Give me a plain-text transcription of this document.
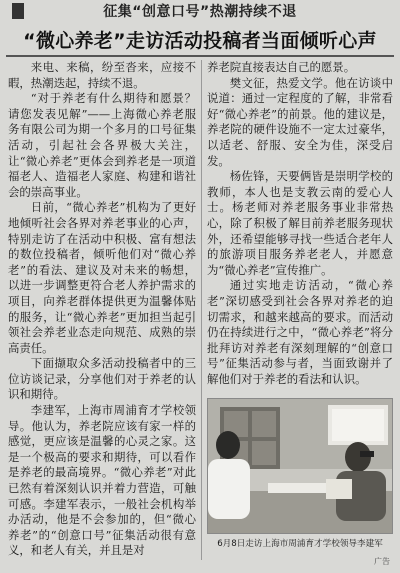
征集“创意口号”热潮持续不退
“微心养老”走访活动投稿者当面倾听心声

来电、来稿，纷至沓来，应接不暇，热潮迭起，持续不退。

“对于养老有什么期待和愿景？请您发表见解”——上海微心养老服务有限公司为期一个多月的口号征集活动，引起社会各界极大关注，让“微心养老”更体会到养老是一项道福老人、造福老人家庭、构建和谐社会的崇高事业。

日前，“微心养老”机构为了更好地倾听社会各界对养老事业的心声，特别走访了在活动中积极、富有想法的数位投稿者，倾听他们对“微心养老”的看法、建议及对未来的畅想，以进一步调整更符合老人养护需求的项目，向养老群体提供更为温馨体贴的服务，让“微心养老”更加担当起引领社会养老业态走向规范、成熟的崇高责任。

下面撷取众多活动投稿者中的三位访谈记录，分享他们对于养老的认识和期待。

李建军，上海市周浦育才学校领导。他认为，养老院应该有家一样的感觉，更应该是温馨的心灵之家。这是一个极高的要求和期待，可以看作是养老的最高境界。“微心养老”对此已然有着深刻认识并着力营造，可触可感。李建军表示，一般社会机构举办活动，他是不会参加的，但“微心养老”的“创意口号”征集活动很有意义，和老人有关，并且是对

养老院直接表达自己的愿景。

樊文征，热爱文学。他在访谈中说道：通过一定程度的了解，非常看好“微心养老”的前景。他的建议是，养老院的硬件设施不一定太过豪华，以适老、舒服、安全为佳，深受启发。

杨佐锋，天要俩皆是崇明学校的教师，本人也是支教云南的爱心人士。杨老师对养老服务事业非常热心，除了积极了解目前养老服务现状外，还希望能够寻找一些适合老年人的旅游项目服务养老老人，并愿意为“微心养老”宣传推广。

通过实地走访活动，“微心养老”深切感受到社会各界对养老的迫切需求，和越来越高的要求。而活动仍在持续进行之中，“微心养老”将分批拜访对养老有深刻理解的“创意口号”征集活动参与者，当面致谢并了解他们对于养老的看法和认识。

6月8日走访上海市周浦育才学校领导李建军
广告
